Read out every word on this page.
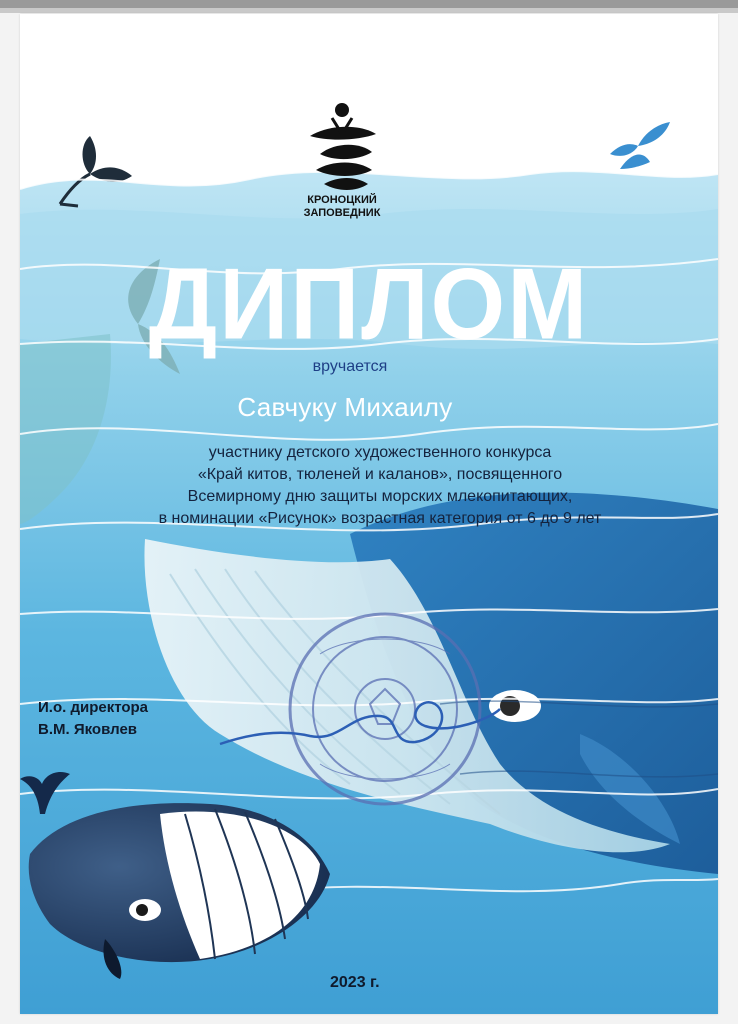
КРОНОЦКИЙ
ЗАПОВЕДНИК
ДИПЛОМ
вручается
Савчуку Михаилу
участнику детского художественного конкурса
«Край китов, тюленей и каланов», посвященного
Всемирному дню защиты морских млекопитающих,
в номинации «Рисунок» возрастная категория от 6 до 9 лет
И.о. директора
В.М. Яковлев
2023 г.
